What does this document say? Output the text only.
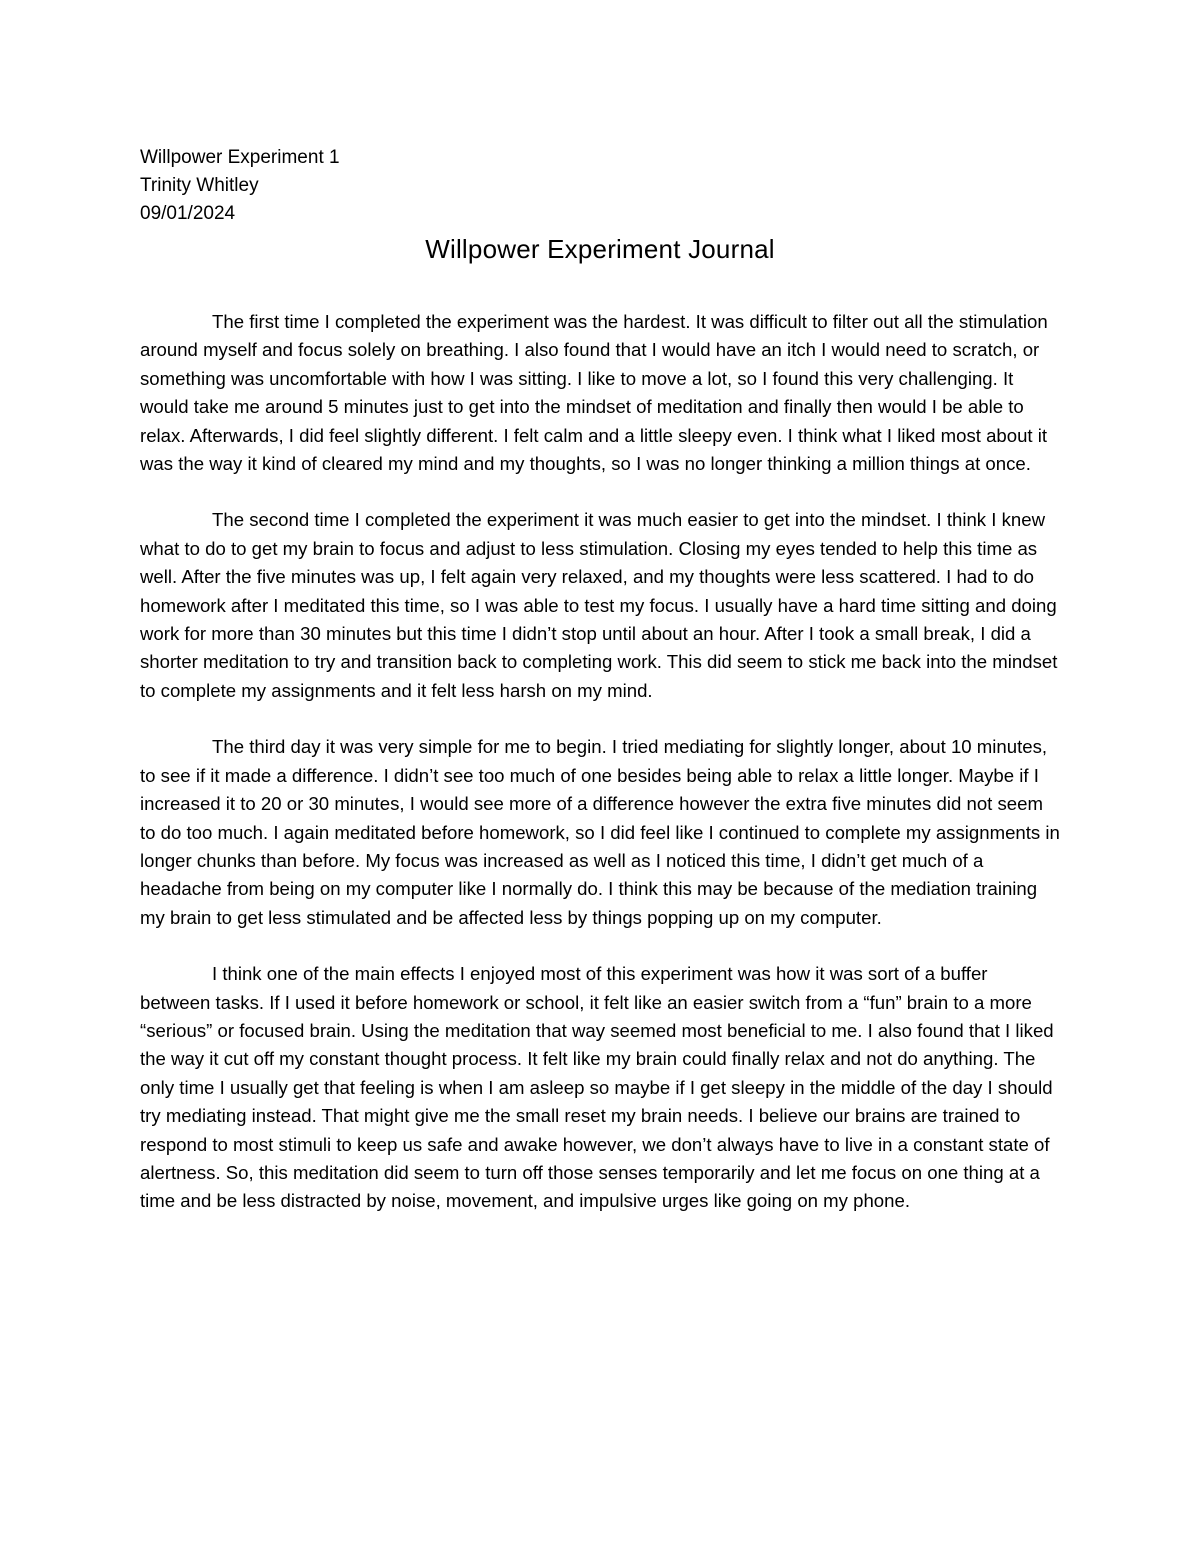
Willpower Experiment 1
Trinity Whitley
09/01/2024
Willpower Experiment Journal

The first time I completed the experiment was the hardest. It was difficult to filter out all the stimulation around myself and focus solely on breathing. I also found that I would have an itch I would need to scratch, or something was uncomfortable with how I was sitting. I like to move a lot, so I found this very challenging. It would take me around 5 minutes just to get into the mindset of meditation and finally then would I be able to relax. Afterwards, I did feel slightly different. I felt calm and a little sleepy even. I think what I liked most about it was the way it kind of cleared my mind and my thoughts, so I was no longer thinking a million things at once.

The second time I completed the experiment it was much easier to get into the mindset. I think I knew what to do to get my brain to focus and adjust to less stimulation. Closing my eyes tended to help this time as well. After the five minutes was up, I felt again very relaxed, and my thoughts were less scattered. I had to do homework after I meditated this time, so I was able to test my focus. I usually have a hard time sitting and doing work for more than 30 minutes but this time I didn’t stop until about an hour. After I took a small break, I did a shorter meditation to try and transition back to completing work. This did seem to stick me back into the mindset to complete my assignments and it felt less harsh on my mind.

The third day it was very simple for me to begin. I tried mediating for slightly longer, about 10 minutes, to see if it made a difference. I didn’t see too much of one besides being able to relax a little longer. Maybe if I increased it to 20 or 30 minutes, I would see more of a difference however the extra five minutes did not seem to do too much. I again meditated before homework, so I did feel like I continued to complete my assignments in longer chunks than before. My focus was increased as well as I noticed this time, I didn’t get much of a headache from being on my computer like I normally do. I think this may be because of the mediation training my brain to get less stimulated and be affected less by things popping up on my computer.

I think one of the main effects I enjoyed most of this experiment was how it was sort of a buffer between tasks. If I used it before homework or school, it felt like an easier switch from a “fun” brain to a more “serious” or focused brain. Using the meditation that way seemed most beneficial to me. I also found that I liked the way it cut off my constant thought process. It felt like my brain could finally relax and not do anything. The only time I usually get that feeling is when I am asleep so maybe if I get sleepy in the middle of the day I should try mediating instead. That might give me the small reset my brain needs. I believe our brains are trained to respond to most stimuli to keep us safe and awake however, we don’t always have to live in a constant state of alertness. So, this meditation did seem to turn off those senses temporarily and let me focus on one thing at a time and be less distracted by noise, movement, and impulsive urges like going on my phone.
